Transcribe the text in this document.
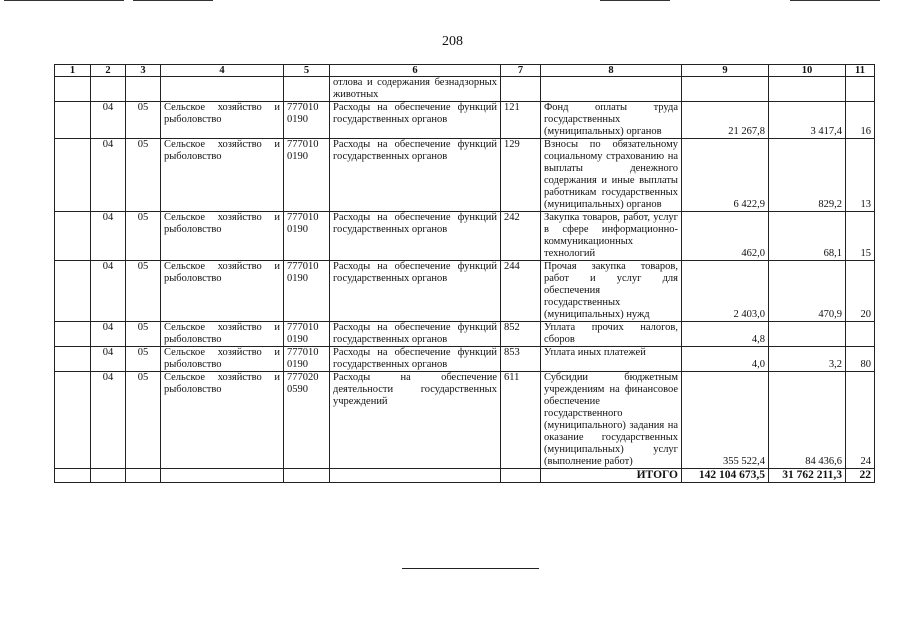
208
1	2	3	4	5	6	7	8	9	10	11
					отлова и содержания безнадзорных животных					
	04	05	Сельское хозяйство и рыболовство	777010 0190	Расходы на обеспечение функций государственных органов	121	Фонд оплаты труда государственных (муниципальных) органов	21 267,8	3 417,4	16
	04	05	Сельское хозяйство и рыболовство	777010 0190	Расходы на обеспечение функций государственных органов	129	Взносы по обязательному социальному страхованию на выплаты денежного содержания и иные выплаты работникам государственных (муниципальных) органов	6 422,9	829,2	13
	04	05	Сельское хозяйство и рыболовство	777010 0190	Расходы на обеспечение функций государственных органов	242	Закупка товаров, работ, услуг в сфере информационно-коммуникационных технологий	462,0	68,1	15
	04	05	Сельское хозяйство и рыболовство	777010 0190	Расходы на обеспечение функций государственных органов	244	Прочая закупка товаров, работ и услуг для обеспечения государственных (муниципальных) нужд	2 403,0	470,9	20
	04	05	Сельское хозяйство и рыболовство	777010 0190	Расходы на обеспечение функций государственных органов	852	Уплата прочих налогов, сборов	4,8		
	04	05	Сельское хозяйство и рыболовство	777010 0190	Расходы на обеспечение функций государственных органов	853	Уплата иных платежей	4,0	3,2	80
	04	05	Сельское хозяйство и рыболовство	777020 0590	Расходы на обеспечение деятельности государственных учреждений	611	Субсидии бюджетным учреждениям на финансовое обеспечение государственного (муниципального) задания на оказание государственных (муниципальных) услуг (выполнение работ)	355 522,4	84 436,6	24
							ИТОГО	142 104 673,5	31 762 211,3	22
